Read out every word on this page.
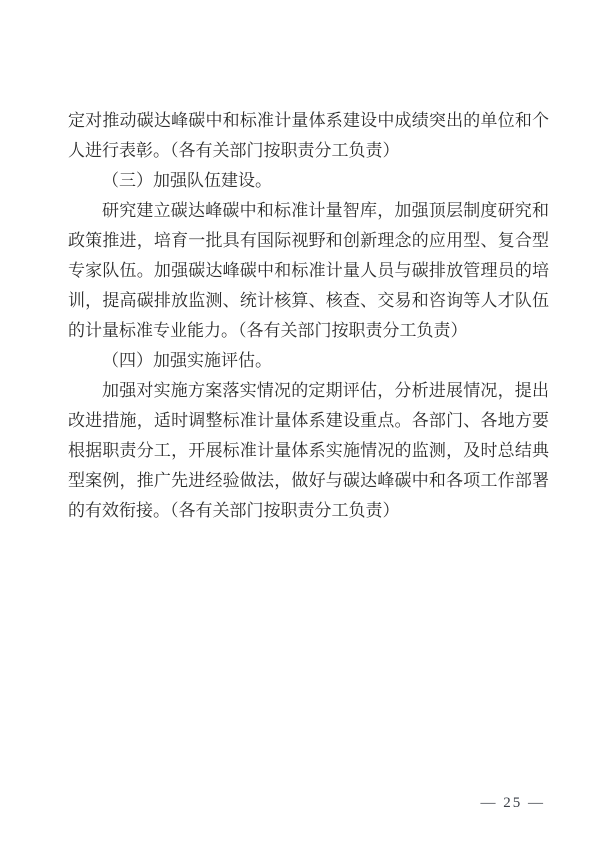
定对推动碳达峰碳中和标准计量体系建设中成绩突出的单位和个人进行表彰。（各有关部门按职责分工负责）

（三）加强队伍建设。

研究建立碳达峰碳中和标准计量智库，加强顶层制度研究和政策推进，培育一批具有国际视野和创新理念的应用型、复合型专家队伍。加强碳达峰碳中和标准计量人员与碳排放管理员的培训，提高碳排放监测、统计核算、核查、交易和咨询等人才队伍的计量标准专业能力。（各有关部门按职责分工负责）

（四）加强实施评估。

加强对实施方案落实情况的定期评估，分析进展情况，提出改进措施，适时调整标准计量体系建设重点。各部门、各地方要根据职责分工，开展标准计量体系实施情况的监测，及时总结典型案例，推广先进经验做法，做好与碳达峰碳中和各项工作部署的有效衔接。（各有关部门按职责分工负责）

— 25 —
